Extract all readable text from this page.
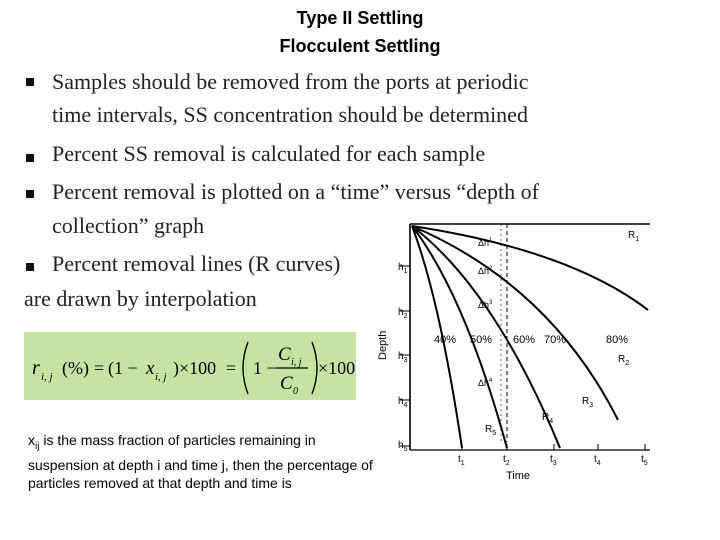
Type II Settling
Flocculent Settling
Samples should be removed from the ports at periodic
time intervals, SS concentration should be determined
Percent SS removal is calculated for each sample
Percent removal is plotted on a “time” versus “depth of
collection” graph
Percent removal lines (R curves)
are drawn by interpolation
r i, j (%) = (1 − x i, j ) ×100 = 1 −
C i, j
C 0
×100
$x_{ij}$ is the mass fraction of particles remaining in suspension at depth i and time j, then the percentage of particles removed at that depth and time is
$h_1$
$h_2$
$h_3$
$h_4$
$h_5$
$t_1$	$t_2$	$t_3$	$t_4$	$t_5$
Time
Depth	40% 50% 60% 70%	80%
$R_1$
$R_2$
$R_3$
$R_4$
$R_5$
$\Delta h^1$
$\Delta h^2$
$\Delta h^3$
$\Delta h^4$
